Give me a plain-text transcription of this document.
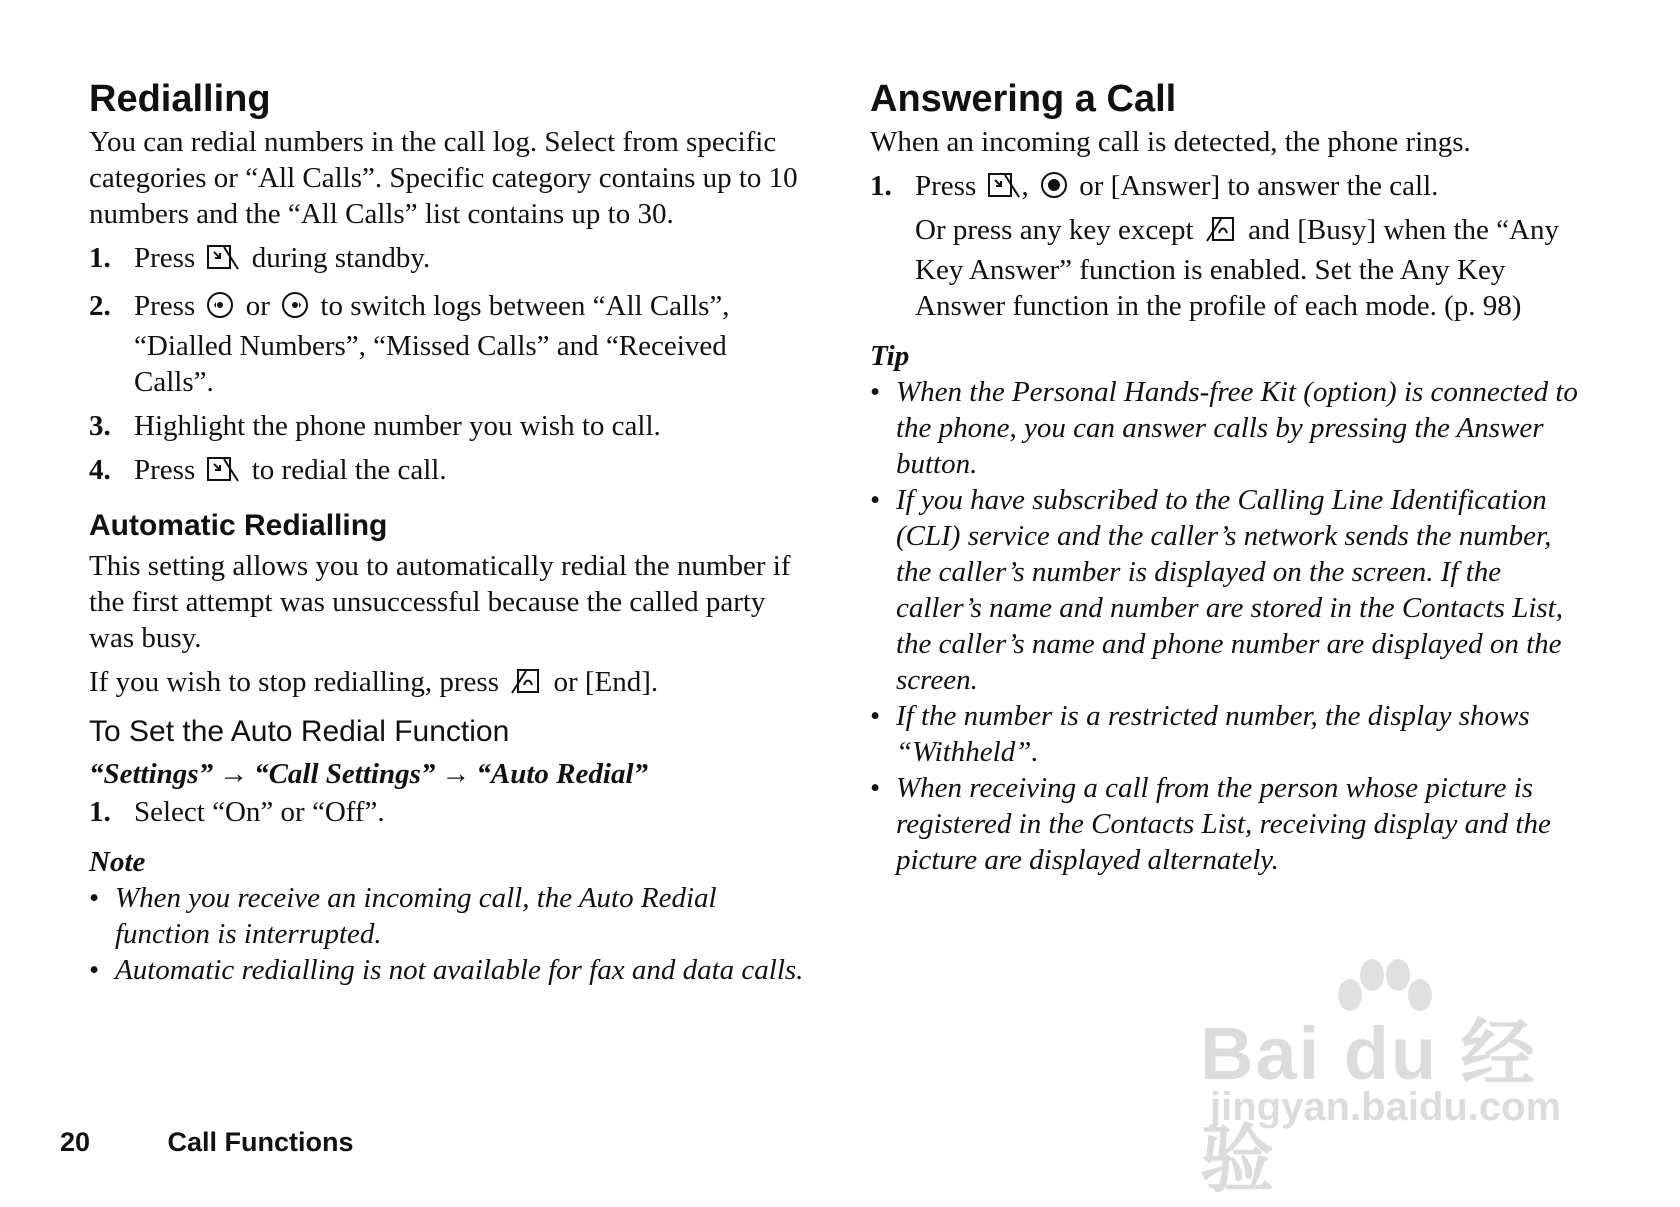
Redialling

You can redial numbers in the call log. Select from specific categories or “All Calls”. Specific category contains up to 10 numbers and the “All Calls” list contains up to 30.

1. Press during standby.
2. Press or to switch logs between “All Calls”, “Dialled Numbers”, “Missed Calls” and “Received Calls”.
3. Highlight the phone number you wish to call.
4. Press to redial the call.
Automatic Redialling

This setting allows you to automatically redial the number if the first attempt was unsuccessful because the called party was busy.

If you wish to stop redialling, press or [End].

To Set the Auto Redial Function
“Settings” → “Call Settings” → “Auto Redial”
1. Select “On” or “Off”.
Note
• When you receive an incoming call, the Auto Redial function is interrupted.
• Automatic redialling is not available for fax and data calls.
Answering a Call

When an incoming call is detected, the phone rings.

1. Press , or [Answer] to answer the call.

Or press any key except and [Busy] when the “Any Key Answer” function is enabled. Set the Any Key Answer function in the profile of each mode. (p. 98)

Tip
• When the Personal Hands-free Kit (option) is connected to the phone, you can answer calls by pressing the Answer button.
• If you have subscribed to the Calling Line Identification (CLI) service and the caller’s network sends the number, the caller’s number is displayed on the screen. If the caller’s name and number are stored in the Contacts List, the caller’s name and phone number are displayed on the screen.
• If the number is a restricted number, the display shows “Withheld”.
• When receiving a call from the person whose picture is registered in the Contacts List, receiving display and the picture are displayed alternately.
20	Call Functions
Bai du 经验
jingyan.baidu.com
